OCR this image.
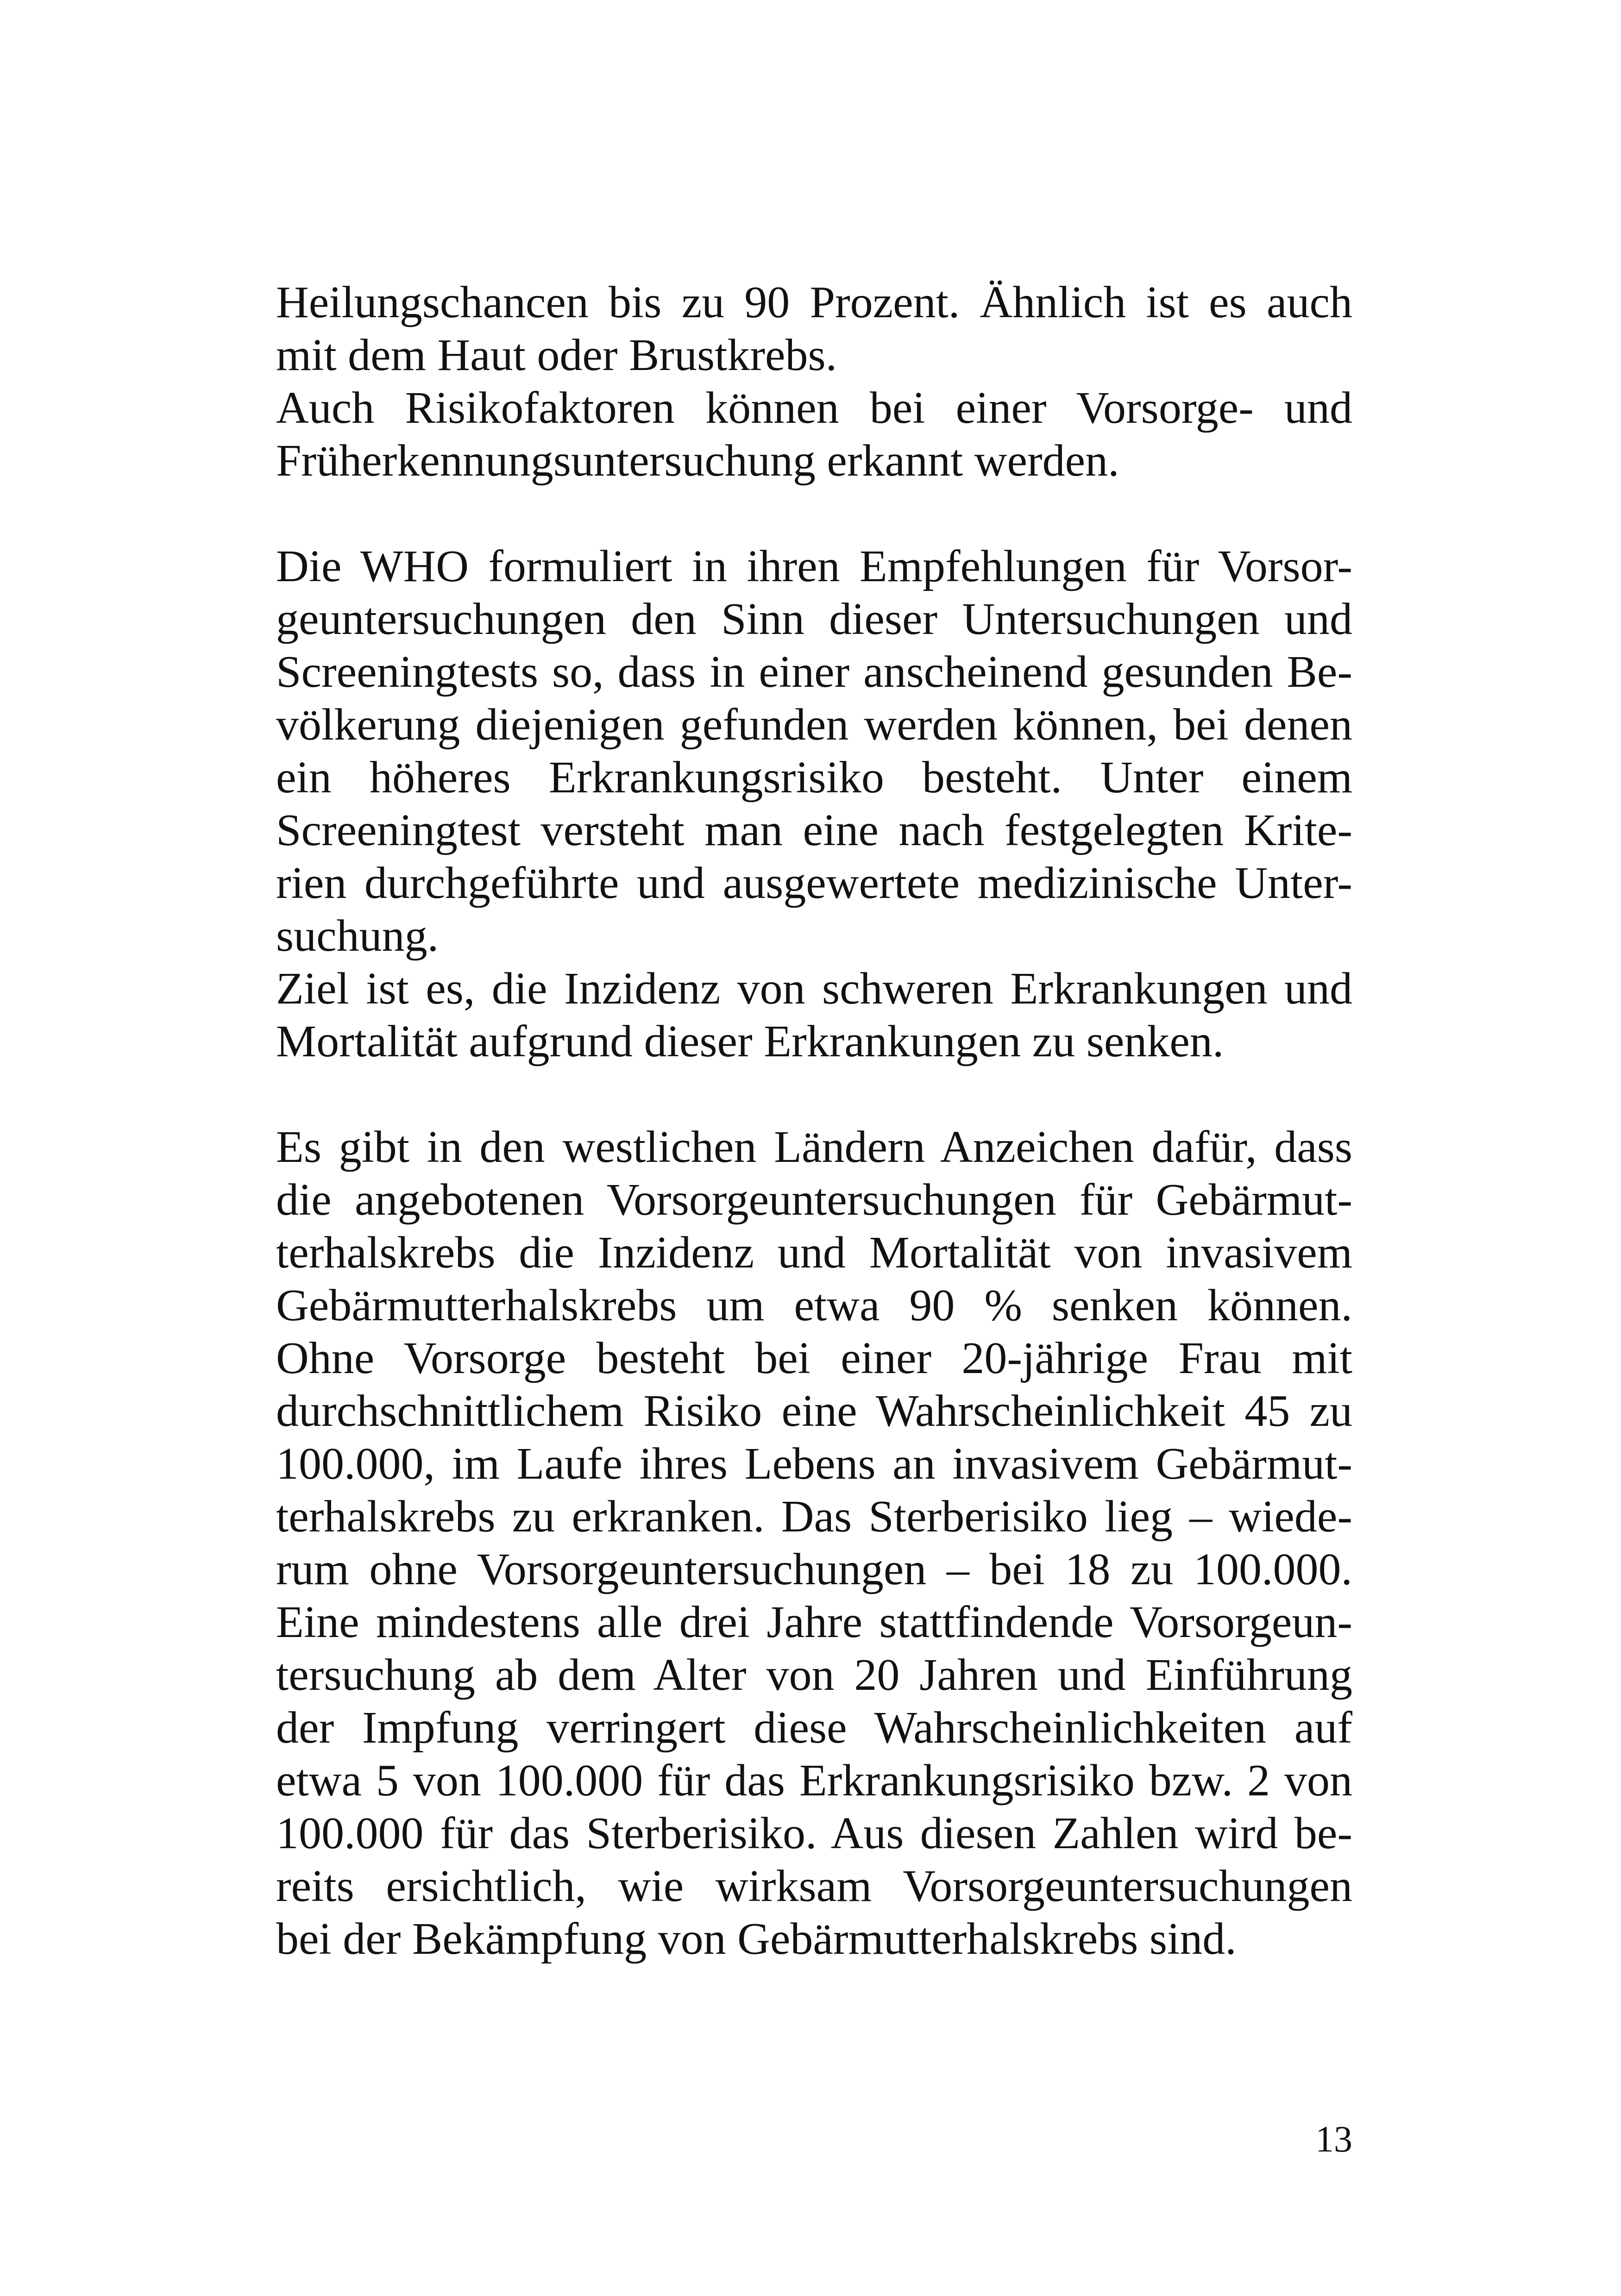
Heilungschancen bis zu 90 Prozent. Ähnlich ist es auch
mit dem Haut oder Brustkrebs.
Auch Risikofaktoren können bei einer Vorsorge- und
Früherkennungsuntersuchung erkannt werden.
Die WHO formuliert in ihren Empfehlungen für Vorsor-
geuntersuchungen den Sinn dieser Untersuchungen und
Screeningtests so, dass in einer anscheinend gesunden Be-
völkerung diejenigen gefunden werden können, bei denen
ein höheres Erkrankungsrisiko besteht. Unter einem
Screeningtest versteht man eine nach festgelegten Krite-
rien durchgeführte und ausgewertete medizinische Unter-
suchung.
Ziel ist es, die Inzidenz von schweren Erkrankungen und
Mortalität aufgrund dieser Erkrankungen zu senken.
Es gibt in den westlichen Ländern Anzeichen dafür, dass
die angebotenen Vorsorgeuntersuchungen für Gebärmut-
terhalskrebs die Inzidenz und Mortalität von invasivem
Gebärmutterhalskrebs um etwa 90 % senken können.
Ohne Vorsorge besteht bei einer 20-jährige Frau mit
durchschnittlichem Risiko eine Wahrscheinlichkeit 45 zu
100.000, im Laufe ihres Lebens an invasivem Gebärmut-
terhalskrebs zu erkranken. Das Sterberisiko lieg – wiede-
rum ohne Vorsorgeuntersuchungen – bei 18 zu 100.000.
Eine mindestens alle drei Jahre stattfindende Vorsorgeun-
tersuchung ab dem Alter von 20 Jahren und Einführung
der Impfung verringert diese Wahrscheinlichkeiten auf
etwa 5 von 100.000 für das Erkrankungsrisiko bzw. 2 von
100.000 für das Sterberisiko. Aus diesen Zahlen wird be-
reits ersichtlich, wie wirksam Vorsorgeuntersuchungen
bei der Bekämpfung von Gebärmutterhalskrebs sind.
13
